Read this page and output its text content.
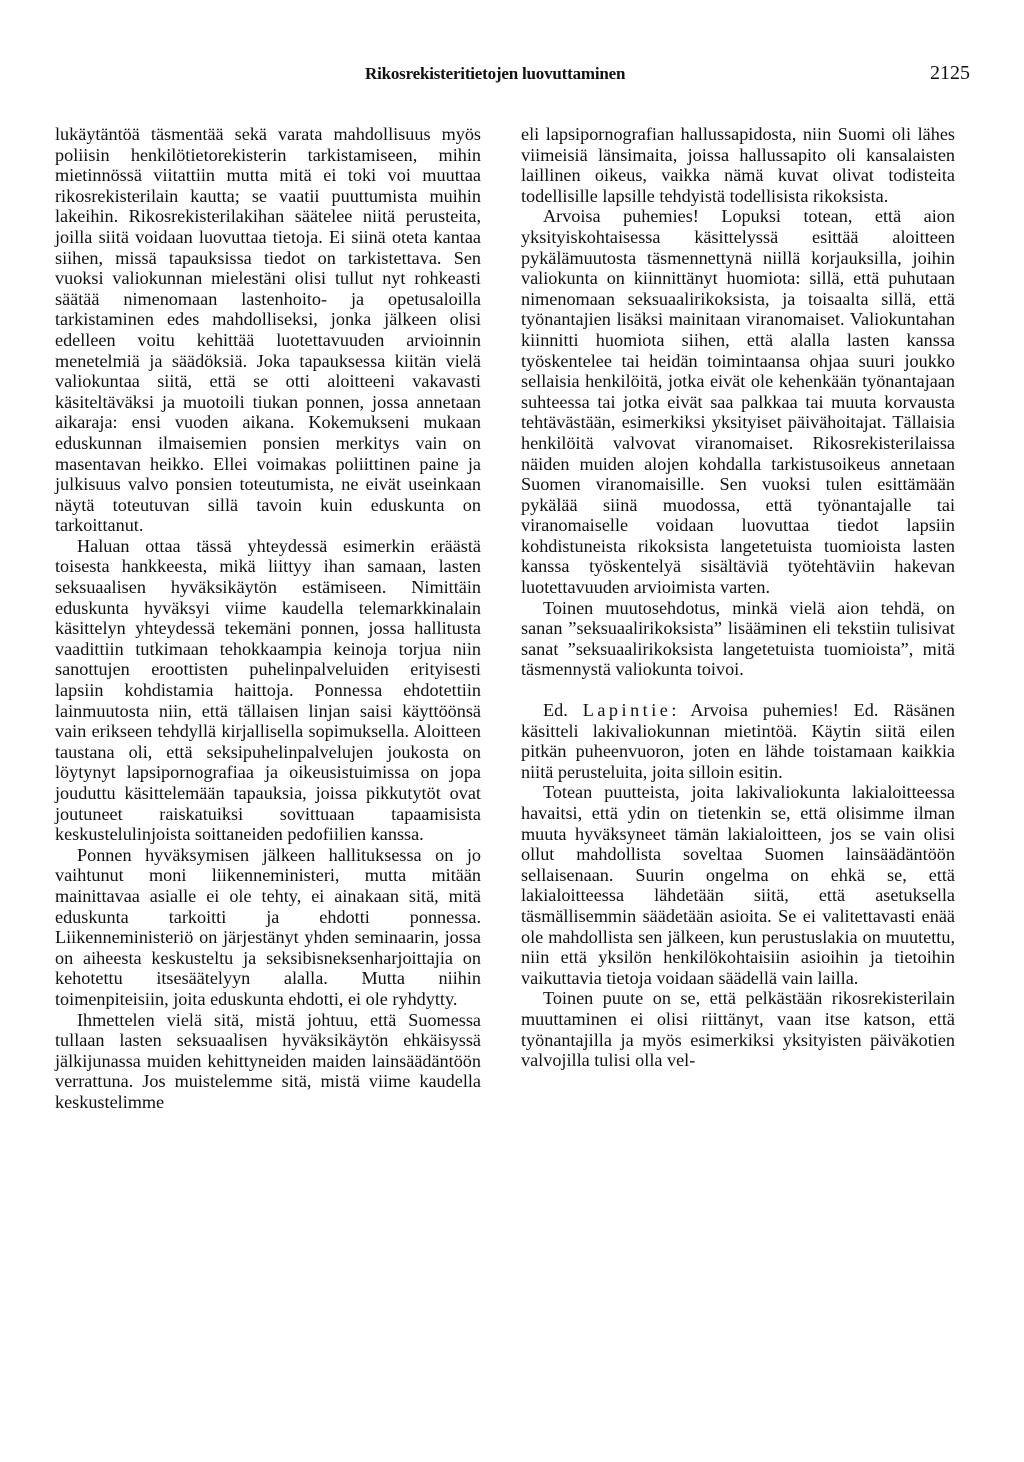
Rikosrekisteritietojen luovuttaminen	2125

lukäytäntöä täsmentää sekä varata mahdollisuus myös poliisin henkilötietorekisterin tarkistamiseen, mihin mietinnössä viitattiin mutta mitä ei toki voi muuttaa rikosrekisterilain kautta; se vaatii puuttumista muihin lakeihin. Rikosrekisterilakihan säätelee niitä perusteita, joilla siitä voidaan luovuttaa tietoja. Ei siinä oteta kantaa siihen, missä tapauksissa tiedot on tarkistettava. Sen vuoksi valiokunnan mielestäni olisi tullut nyt rohkeasti säätää nimenomaan lastenhoito- ja opetusaloilla tarkistaminen edes mahdolliseksi, jonka jälkeen olisi edelleen voitu kehittää luotettavuuden arvioinnin menetelmiä ja säädöksiä. Joka tapauksessa kiitän vielä valiokuntaa siitä, että se otti aloitteeni vakavasti käsiteltäväksi ja muotoili tiukan ponnen, jossa annetaan aikaraja: ensi vuoden aikana. Kokemukseni mukaan eduskunnan ilmaisemien ponsien merkitys vain on masentavan heikko. Ellei voimakas poliittinen paine ja julkisuus valvo ponsien toteutumista, ne eivät useinkaan näytä toteutuvan sillä tavoin kuin eduskunta on tarkoittanut.

Haluan ottaa tässä yhteydessä esimerkin eräästä toisesta hankkeesta, mikä liittyy ihan samaan, lasten seksuaalisen hyväksikäytön estämiseen. Nimittäin eduskunta hyväksyi viime kaudella telemarkkinalain käsittelyn yhteydessä tekemäni ponnen, jossa hallitusta vaadittiin tutkimaan tehokkaampia keinoja torjua niin sanottujen eroottisten puhelinpalveluiden erityisesti lapsiin kohdistamia haittoja. Ponnessa ehdotettiin lainmuutosta niin, että tällaisen linjan saisi käyttöönsä vain erikseen tehdyllä kirjallisella sopimuksella. Aloitteen taustana oli, että seksipuhelinpalvelujen joukosta on löytynyt lapsipornografiaa ja oikeusistuimissa on jopa jouduttu käsittelemään tapauksia, joissa pikkutytöt ovat joutuneet raiskatuiksi sovittuaan tapaamisista keskustelulinjoista soittaneiden pedofiilien kanssa.

Ponnen hyväksymisen jälkeen hallituksessa on jo vaihtunut moni liikenneministeri, mutta mitään mainittavaa asialle ei ole tehty, ei ainakaan sitä, mitä eduskunta tarkoitti ja ehdotti ponnessa. Liikenneministeriö on järjestänyt yhden seminaarin, jossa on aiheesta keskusteltu ja seksibisneksenharjoittajia on kehotettu itsesäätelyyn alalla. Mutta niihin toimenpiteisiin, joita eduskunta ehdotti, ei ole ryhdytty.

Ihmettelen vielä sitä, mistä johtuu, että Suomessa tullaan lasten seksuaalisen hyväksikäytön ehkäisyssä jälkijunassa muiden kehittyneiden maiden lainsäädäntöön verrattuna. Jos muistelemme sitä, mistä viime kaudella keskustelimme

eli lapsipornografian hallussapidosta, niin Suomi oli lähes viimeisiä länsimaita, joissa hallussapito oli kansalaisten laillinen oikeus, vaikka nämä kuvat olivat todisteita todellisille lapsille tehdyistä todellisista rikoksista.

Arvoisa puhemies! Lopuksi totean, että aion yksityiskohtaisessa käsittelyssä esittää aloitteen pykälämuutosta täsmennettynä niillä korjauksilla, joihin valiokunta on kiinnittänyt huomiota: sillä, että puhutaan nimenomaan seksuaalirikoksista, ja toisaalta sillä, että työnantajien lisäksi mainitaan viranomaiset. Valiokuntahan kiinnitti huomiota siihen, että alalla lasten kanssa työskentelee tai heidän toimintaansa ohjaa suuri joukko sellaisia henkilöitä, jotka eivät ole kehenkään työnantajaan suhteessa tai jotka eivät saa palkkaa tai muuta korvausta tehtävästään, esimerkiksi yksityiset päivähoitajat. Tällaisia henkilöitä valvovat viranomaiset. Rikosrekisterilaissa näiden muiden alojen kohdalla tarkistusoikeus annetaan Suomen viranomaisille. Sen vuoksi tulen esittämään pykälää siinä muodossa, että työnantajalle tai viranomaiselle voidaan luovuttaa tiedot lapsiin kohdistuneista rikoksista langetetuista tuomioista lasten kanssa työskentelyä sisältäviä työtehtäviin hakevan luotettavuuden arvioimista varten.

Toinen muutosehdotus, minkä vielä aion tehdä, on sanan ”seksuaalirikoksista” lisääminen eli tekstiin tulisivat sanat ”seksuaalirikoksista langetetuista tuomioista”, mitä täsmennystä valiokunta toivoi.

Ed. Lapintie: Arvoisa puhemies! Ed. Räsänen käsitteli lakivaliokunnan mietintöä. Käytin siitä eilen pitkän puheenvuoron, joten en lähde toistamaan kaikkia niitä perusteluita, joita silloin esitin.

Totean puutteista, joita lakivaliokunta lakialoitteessa havaitsi, että ydin on tietenkin se, että olisimme ilman muuta hyväksyneet tämän lakialoitteen, jos se vain olisi ollut mahdollista soveltaa Suomen lainsäädäntöön sellaisenaan. Suurin ongelma on ehkä se, että lakialoitteessa lähdetään siitä, että asetuksella täsmällisemmin säädetään asioita. Se ei valitettavasti enää ole mahdollista sen jälkeen, kun perustuslakia on muutettu, niin että yksilön henkilökohtaisiin asioihin ja tietoihin vaikuttavia tietoja voidaan säädellä vain laillа.

Toinen puute on se, että pelkästään rikosrekisterilain muuttaminen ei olisi riittänyt, vaan itse katson, että työnantajilla ja myös esimerkiksi yksityisten päiväkotien valvojilla tulisi olla vel-
